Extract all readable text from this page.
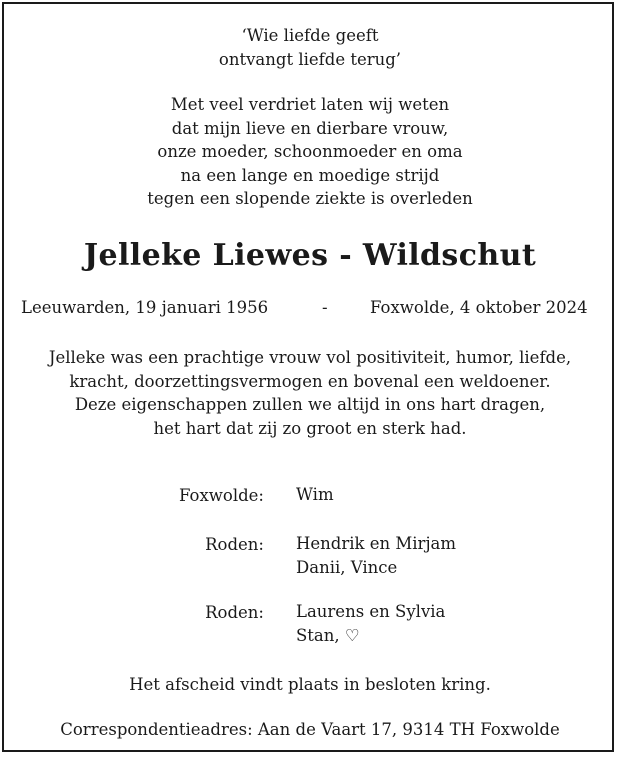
‘Wie liefde geeft
ontvangt liefde terug’
Met veel verdriet laten wij weten
dat mijn lieve en dierbare vrouw,
onze moeder, schoonmoeder en oma
na een lange en moedige strijd
tegen een slopende ziekte is overleden
Jelleke Liewes - Wildschut
Leeuwarden, 19 januari 1956	-	Foxwolde, 4 oktober 2024
Jelleke was een prachtige vrouw vol positiviteit, humor, liefde,
kracht, doorzettingsvermogen en bovenal een weldoener.
Deze eigenschappen zullen we altijd in ons hart dragen,
het hart dat zij zo groot en sterk had.
Foxwolde: Wim
Roden: Hendrik en Mirjam
Danii, Vince
Roden: Laurens en Sylvia
Stan, ♡
Het afscheid vindt plaats in besloten kring.
Correspondentieadres: Aan de Vaart 17, 9314 TH Foxwolde
